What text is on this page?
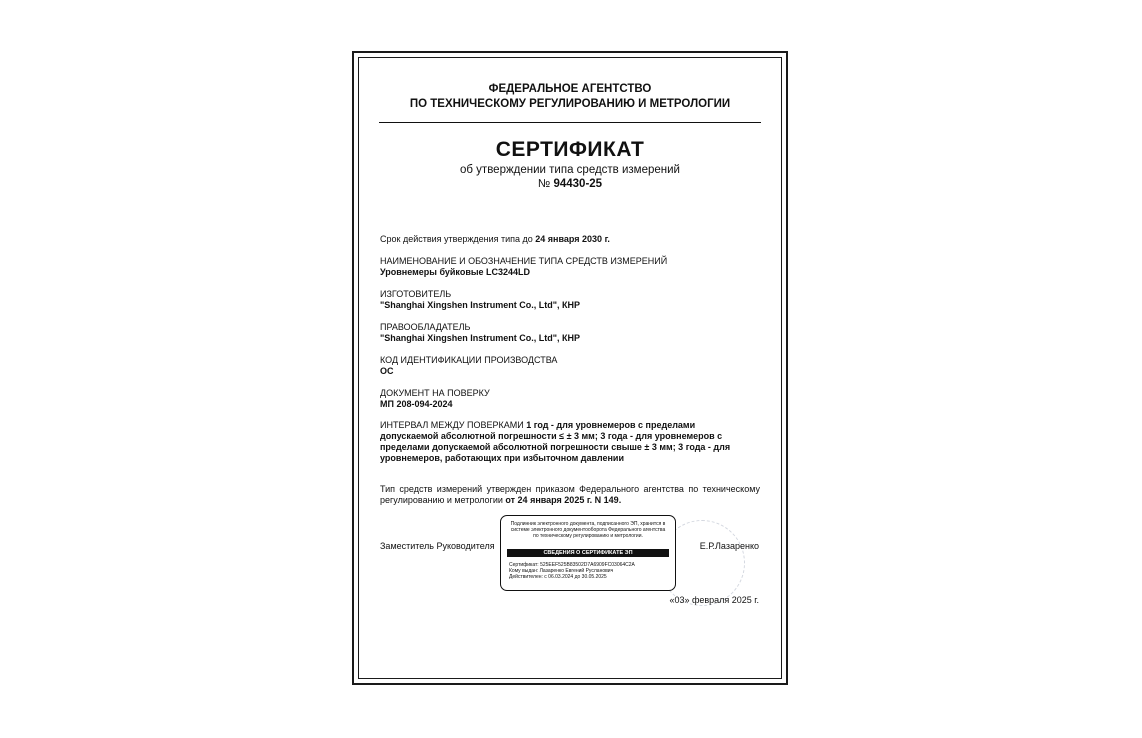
ФЕДЕРАЛЬНОЕ АГЕНТСТВО
ПО ТЕХНИЧЕСКОМУ РЕГУЛИРОВАНИЮ И МЕТРОЛОГИИ
СЕРТИФИКАТ
об утверждении типа средств измерений
№ 94430-25
Срок действия утверждения типа до 24 января 2030 г.
НАИМЕНОВАНИЕ И ОБОЗНАЧЕНИЕ ТИПА СРЕДСТВ ИЗМЕРЕНИЙ
Уровнемеры буйковые LC3244LD
ИЗГОТОВИТЕЛЬ
"Shanghai Xingshen Instrument Co., Ltd", КНР
ПРАВООБЛАДАТЕЛЬ
"Shanghai Xingshen Instrument Co., Ltd", КНР
КОД ИДЕНТИФИКАЦИИ ПРОИЗВОДСТВА
ОС
ДОКУМЕНТ НА ПОВЕРКУ
МП 208-094-2024
ИНТЕРВАЛ МЕЖДУ ПОВЕРКАМИ 1 год - для уровнемеров с пределами допускаемой абсолютной погрешности ≤ ± 3 мм; 3 года - для уровнемеров с пределами допускаемой абсолютной погрешности свыше ± 3 мм; 3 года - для уровнемеров, работающих при избыточном давлении
Тип средств измерений утвержден приказом Федерального агентства по техническому регулированию и метрологии от 24 января 2025 г. N 149.
Заместитель Руководителя	Е.Р.Лазаренко
Подлинник электронного документа, подписанного ЭП, хранится в системе электронного документооборота Федерального агентства по техническому регулированию и метрологии.
СВЕДЕНИЯ О СЕРТИФИКАТЕ ЭП
Сертификат: 525EEF525B83502D7A6909FC03064C2A
Кому выдан: Лазаренко Евгений Русланович
Действителен: с 06.03.2024 до 30.05.2025
«03» февраля 2025 г.
